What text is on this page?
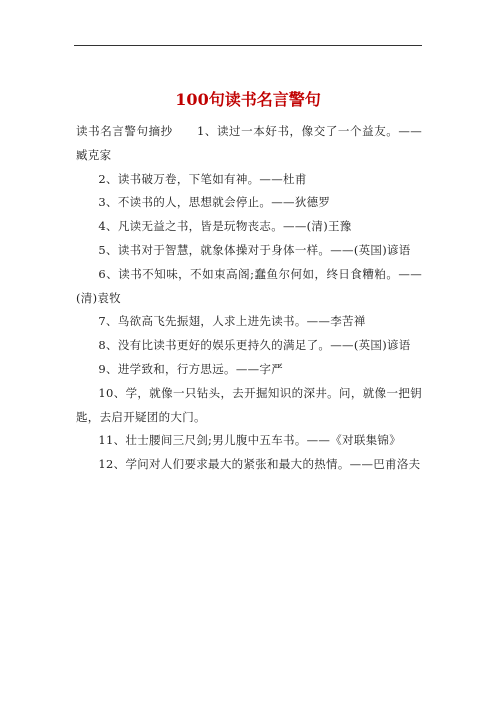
100句读书名言警句

读书名言警句摘抄　　1、读过一本好书，像交了一个益友。——臧克家

2、读书破万卷，下笔如有神。——杜甫

3、不读书的人，思想就会停止。——狄德罗

4、凡读无益之书，皆是玩物丧志。——(清)王豫

5、读书对于智慧，就象体操对于身体一样。——(英国)谚语

6、读书不知味，不如束高阁;蠢鱼尔何如，终日食糟粕。——(清)袁牧

7、鸟欲高飞先振翅，人求上进先读书。——李苦禅

8、没有比读书更好的娱乐更持久的满足了。——(英国)谚语

9、进学致和，行方思远。——字严

10、学，就像一只钻头，去开掘知识的深井。问，就像一把钥匙，去启开疑团的大门。

11、壮士腰间三尺剑;男儿腹中五车书。——《对联集锦》

12、学问对人们要求最大的紧张和最大的热情。——巴甫洛夫
